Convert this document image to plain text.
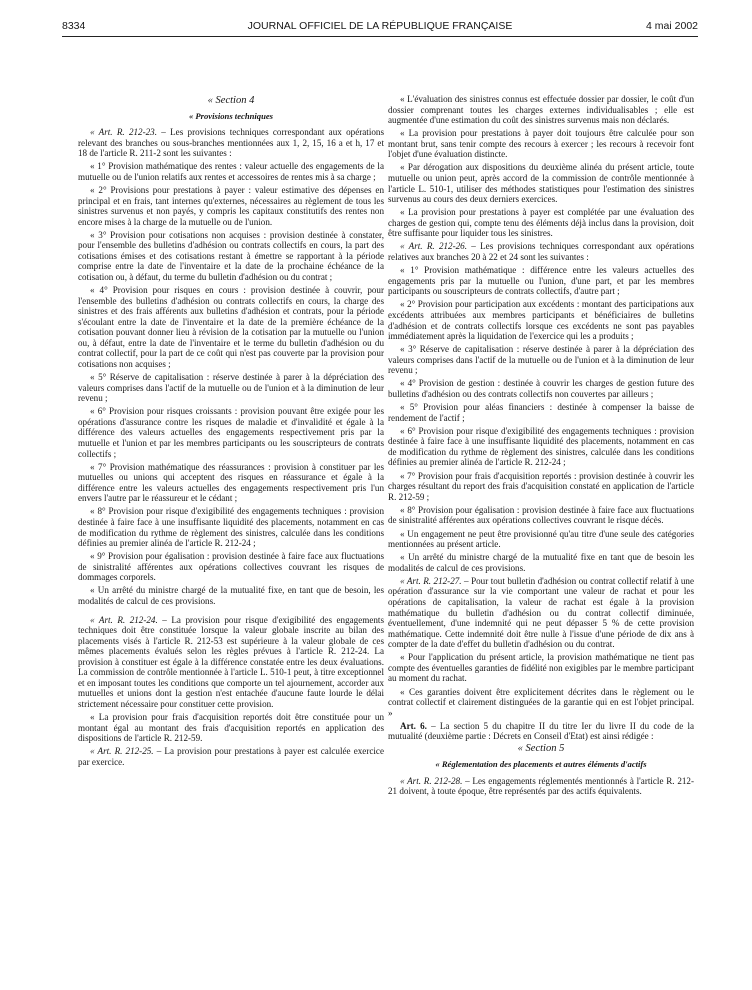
8334	JOURNAL OFFICIEL DE LA RÉPUBLIQUE FRANÇAISE	4 mai 2002
« Section 4
« Provisions techniques

« Art. R. 212-23. – Les provisions techniques correspondant aux opérations relevant des branches ou sous-branches mentionnées aux 1, 2, 15, 16 a et h, 17 et 18 de l'article R. 211-2 sont les suivantes :

« 1° Provision mathématique des rentes : valeur actuelle des engagements de la mutuelle ou de l'union relatifs aux rentes et accessoires de rentes mis à sa charge ;

« 2° Provisions pour prestations à payer : valeur estimative des dépenses en principal et en frais, tant internes qu'externes, nécessaires au règlement de tous les sinistres survenus et non payés, y compris les capitaux constitutifs des rentes non encore mises à la charge de la mutuelle ou de l'union.

« 3° Provision pour cotisations non acquises : provision destinée à constater, pour l'ensemble des bulletins d'adhésion ou contrats collectifs en cours, la part des cotisations émises et des cotisations restant à émettre se rapportant à la période comprise entre la date de l'inventaire et la date de la prochaine échéance de la cotisation ou, à défaut, du terme du bulletin d'adhésion ou du contrat ;

« 4° Provision pour risques en cours : provision destinée à couvrir, pour l'ensemble des bulletins d'adhésion ou contrats collectifs en cours, la charge des sinistres et des frais afférents aux bulletins d'adhésion et contrats, pour la période s'écoulant entre la date de l'inventaire et la date de la première échéance de la cotisation pouvant donner lieu à révision de la cotisation par la mutuelle ou l'union ou, à défaut, entre la date de l'inventaire et le terme du bulletin d'adhésion ou du contrat collectif, pour la part de ce coût qui n'est pas couverte par la provision pour cotisations non acquises ;

« 5° Réserve de capitalisation : réserve destinée à parer à la dépréciation des valeurs comprises dans l'actif de la mutuelle ou de l'union et à la diminution de leur revenu ;

« 6° Provision pour risques croissants : provision pouvant être exigée pour les opérations d'assurance contre les risques de maladie et d'invalidité et égale à la différence des valeurs actuelles des engagements respectivement pris par la mutuelle et l'union et par les membres participants ou les souscripteurs de contrats collectifs ;

« 7° Provision mathématique des réassurances : provision à constituer par les mutuelles ou unions qui acceptent des risques en réassurance et égale à la différence entre les valeurs actuelles des engagements respectivement pris l'un envers l'autre par le réassureur et le cédant ;

« 8° Provision pour risque d'exigibilité des engagements techniques : provision destinée à faire face à une insuffisante liquidité des placements, notamment en cas de modification du rythme de règlement des sinistres, calculée dans les conditions définies au premier alinéa de l'article R. 212-24 ;

« 9° Provision pour égalisation : provision destinée à faire face aux fluctuations de sinistralité afférentes aux opérations collectives couvrant les risques de dommages corporels.

« Un arrêté du ministre chargé de la mutualité fixe, en tant que de besoin, les modalités de calcul de ces provisions.

« Art. R. 212-24. – La provision pour risque d'exigibilité des engagements techniques doit être constituée lorsque la valeur globale inscrite au bilan des placements visés à l'article R. 212-53 est supérieure à la valeur globale de ces mêmes placements évalués selon les règles prévues à l'article R. 212-24. La provision à constituer est égale à la différence constatée entre les deux évaluations. La commission de contrôle mentionnée à l'article L. 510-1 peut, à titre exceptionnel et en imposant toutes les conditions que comporte un tel ajournement, accorder aux mutuelles et unions dont la gestion n'est entachée d'aucune faute lourde le délai strictement nécessaire pour constituer cette provision.

« La provision pour frais d'acquisition reportés doit être constituée pour un montant égal au montant des frais d'acquisition reportés en application des dispositions de l'article R. 212-59.

« Art. R. 212-25. – La provision pour prestations à payer est calculée exercice par exercice.

« L'évaluation des sinistres connus est effectuée dossier par dossier, le coût d'un dossier comprenant toutes les charges externes individualisables ; elle est augmentée d'une estimation du coût des sinistres survenus mais non déclarés.

« La provision pour prestations à payer doit toujours être calculée pour son montant brut, sans tenir compte des recours à exercer ; les recours à recevoir font l'objet d'une évaluation distincte.

« Par dérogation aux dispositions du deuxième alinéa du présent article, toute mutuelle ou union peut, après accord de la commission de contrôle mentionnée à l'article L. 510-1, utiliser des méthodes statistiques pour l'estimation des sinistres survenus au cours des deux derniers exercices.

« La provision pour prestations à payer est complétée par une évaluation des charges de gestion qui, compte tenu des éléments déjà inclus dans la provision, doit être suffisante pour liquider tous les sinistres.

« Art. R. 212-26. – Les provisions techniques correspondant aux opérations relatives aux branches 20 à 22 et 24 sont les suivantes :

« 1° Provision mathématique : différence entre les valeurs actuelles des engagements pris par la mutuelle ou l'union, d'une part, et par les membres participants ou souscripteurs de contrats collectifs, d'autre part ;

« 2° Provision pour participation aux excédents : montant des participations aux excédents attribuées aux membres participants et bénéficiaires de bulletins d'adhésion et de contrats collectifs lorsque ces excédents ne sont pas payables immédiatement après la liquidation de l'exercice qui les a produits ;

« 3° Réserve de capitalisation : réserve destinée à parer à la dépréciation des valeurs comprises dans l'actif de la mutuelle ou de l'union et à la diminution de leur revenu ;

« 4° Provision de gestion : destinée à couvrir les charges de gestion future des bulletins d'adhésion ou des contrats collectifs non couvertes par ailleurs ;

« 5° Provision pour aléas financiers : destinée à compenser la baisse de rendement de l'actif ;

« 6° Provision pour risque d'exigibilité des engagements techniques : provision destinée à faire face à une insuffisante liquidité des placements, notamment en cas de modification du rythme de règlement des sinistres, calculée dans les conditions définies au premier alinéa de l'article R. 212-24 ;

« 7° Provision pour frais d'acquisition reportés : provision destinée à couvrir les charges résultant du report des frais d'acquisition constaté en application de l'article R. 212-59 ;

« 8° Provision pour égalisation : provision destinée à faire face aux fluctuations de sinistralité afférentes aux opérations collectives couvrant le risque décès.

« Un engagement ne peut être provisionné qu'au titre d'une seule des catégories mentionnées au présent article.

« Un arrêté du ministre chargé de la mutualité fixe en tant que de besoin les modalités de calcul de ces provisions.

« Art. R. 212-27. – Pour tout bulletin d'adhésion ou contrat collectif relatif à une opération d'assurance sur la vie comportant une valeur de rachat et pour les opérations de capitalisation, la valeur de rachat est égale à la provision mathématique du bulletin d'adhésion ou du contrat collectif diminuée, éventuellement, d'une indemnité qui ne peut dépasser 5 % de cette provision mathématique. Cette indemnité doit être nulle à l'issue d'une période de dix ans à compter de la date d'effet du bulletin d'adhésion ou du contrat.

« Pour l'application du présent article, la provision mathématique ne tient pas compte des éventuelles garanties de fidélité non exigibles par le membre participant au moment du rachat.

« Ces garanties doivent être explicitement décrites dans le règlement ou le contrat collectif et clairement distinguées de la garantie qui en est l'objet principal. »

Art. 6. – La section 5 du chapitre II du titre Ier du livre II du code de la mutualité (deuxième partie : Décrets en Conseil d'Etat) est ainsi rédigée :

« Section 5
« Réglementation des placements et autres éléments d'actifs

« Art. R. 212-28. – Les engagements réglementés mentionnés à l'article R. 212-21 doivent, à toute époque, être représentés par des actifs équivalents.
